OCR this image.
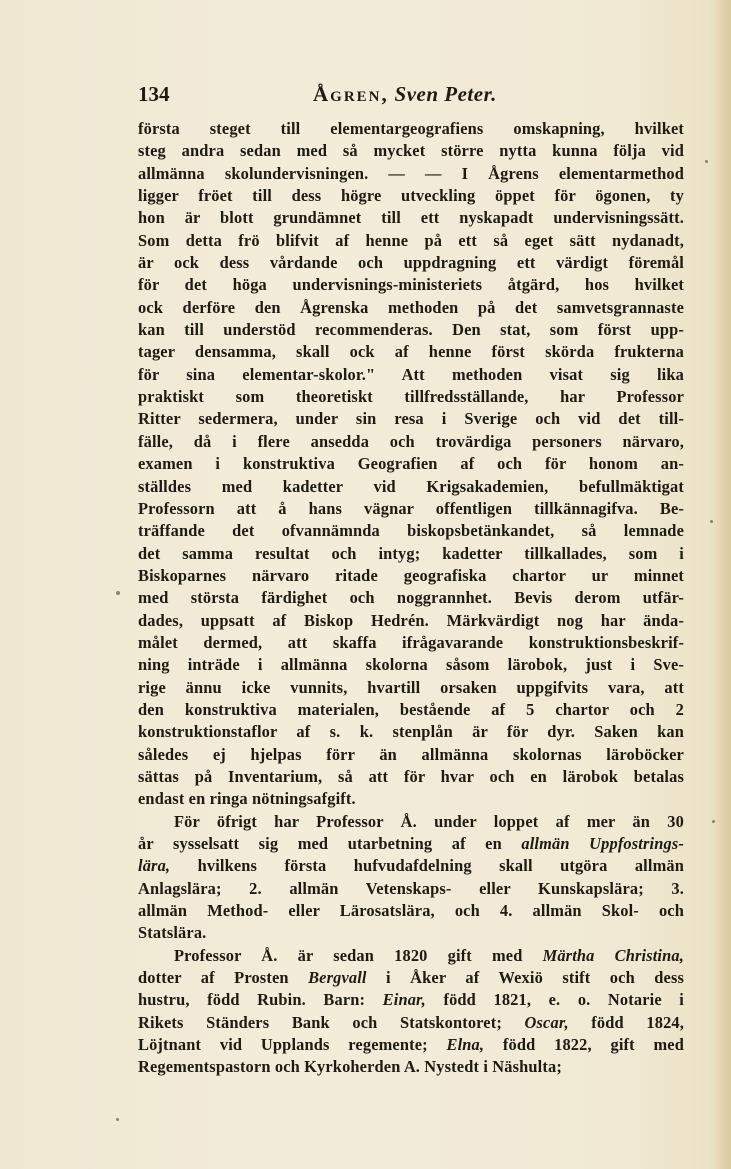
134	Ågren, Sven Peter.
första steget till elementargeografiens omskapning, hvilket
steg andra sedan med så mycket större nytta kunna följa vid
allmänna skolundervisningen. — — I Ågrens elementarmethod
ligger fröet till dess högre utveckling öppet för ögonen, ty
hon är blott grundämnet till ett nyskapadt undervisningssätt.
Som detta frö blifvit af henne på ett så eget sätt nydanadt,
är ock dess vårdande och uppdragning ett värdigt föremål
för det höga undervisnings-ministeriets åtgärd, hos hvilket
ock derföre den Ågrenska methoden på det samvetsgrannaste
kan till understöd recommenderas. Den stat, som först upp-
tager densamma, skall ock af henne först skörda frukterna
för sina elementar-skolor." Att methoden visat sig lika
praktiskt som theoretiskt tillfredsställande, har Professor
Ritter sedermera, under sin resa i Sverige och vid det till-
fälle, då i flere ansedda och trovärdiga personers närvaro,
examen i konstruktiva Geografien af och för honom an-
ställdes med kadetter vid Krigsakademien, befullmäktigat
Professorn att å hans vägnar offentligen tillkännagifva. Be-
träffande det ofvannämnda biskopsbetänkandet, så lemnade
det samma resultat och intyg; kadetter tillkallades, som i
Biskoparnes närvaro ritade geografiska chartor ur minnet
med största färdighet och noggrannhet. Bevis derom utfär-
dades, uppsatt af Biskop Hedrén. Märkvärdigt nog har ända-
målet dermed, att skaffa ifrågavarande konstruktionsbeskrif-
ning inträde i allmänna skolorna såsom lärobok, just i Sve-
rige ännu icke vunnits, hvartill orsaken uppgifvits vara, att
den konstruktiva materialen, bestående af 5 chartor och 2
konstruktionstaflor af s. k. stenplån är för dyr. Saken kan
således ej hjelpas förr än allmänna skolornas läroböcker
sättas på Inventarium, så att för hvar och en lärobok betalas
endast en ringa nötningsafgift.
För öfrigt har Professor Å. under loppet af mer än 30
år sysselsatt sig med utarbetning af en allmän Uppfostrings-
lära, hvilkens första hufvudafdelning skall utgöra allmän
Anlagslära; 2. allmän Vetenskaps- eller Kunskapslära; 3.
allmän Method- eller Lärosatslära, och 4. allmän Skol- och
Statslära.
Professor Å. är sedan 1820 gift med Märtha Christina,
dotter af Prosten Bergvall i Åker af Wexiö stift och dess
hustru, född Rubin. Barn: Einar, född 1821, e. o. Notarie i
Rikets Ständers Bank och Statskontoret; Oscar, född 1824,
Löjtnant vid Upplands regemente; Elna, född 1822, gift med
Regementspastorn och Kyrkoherden A. Nystedt i Näshulta;
